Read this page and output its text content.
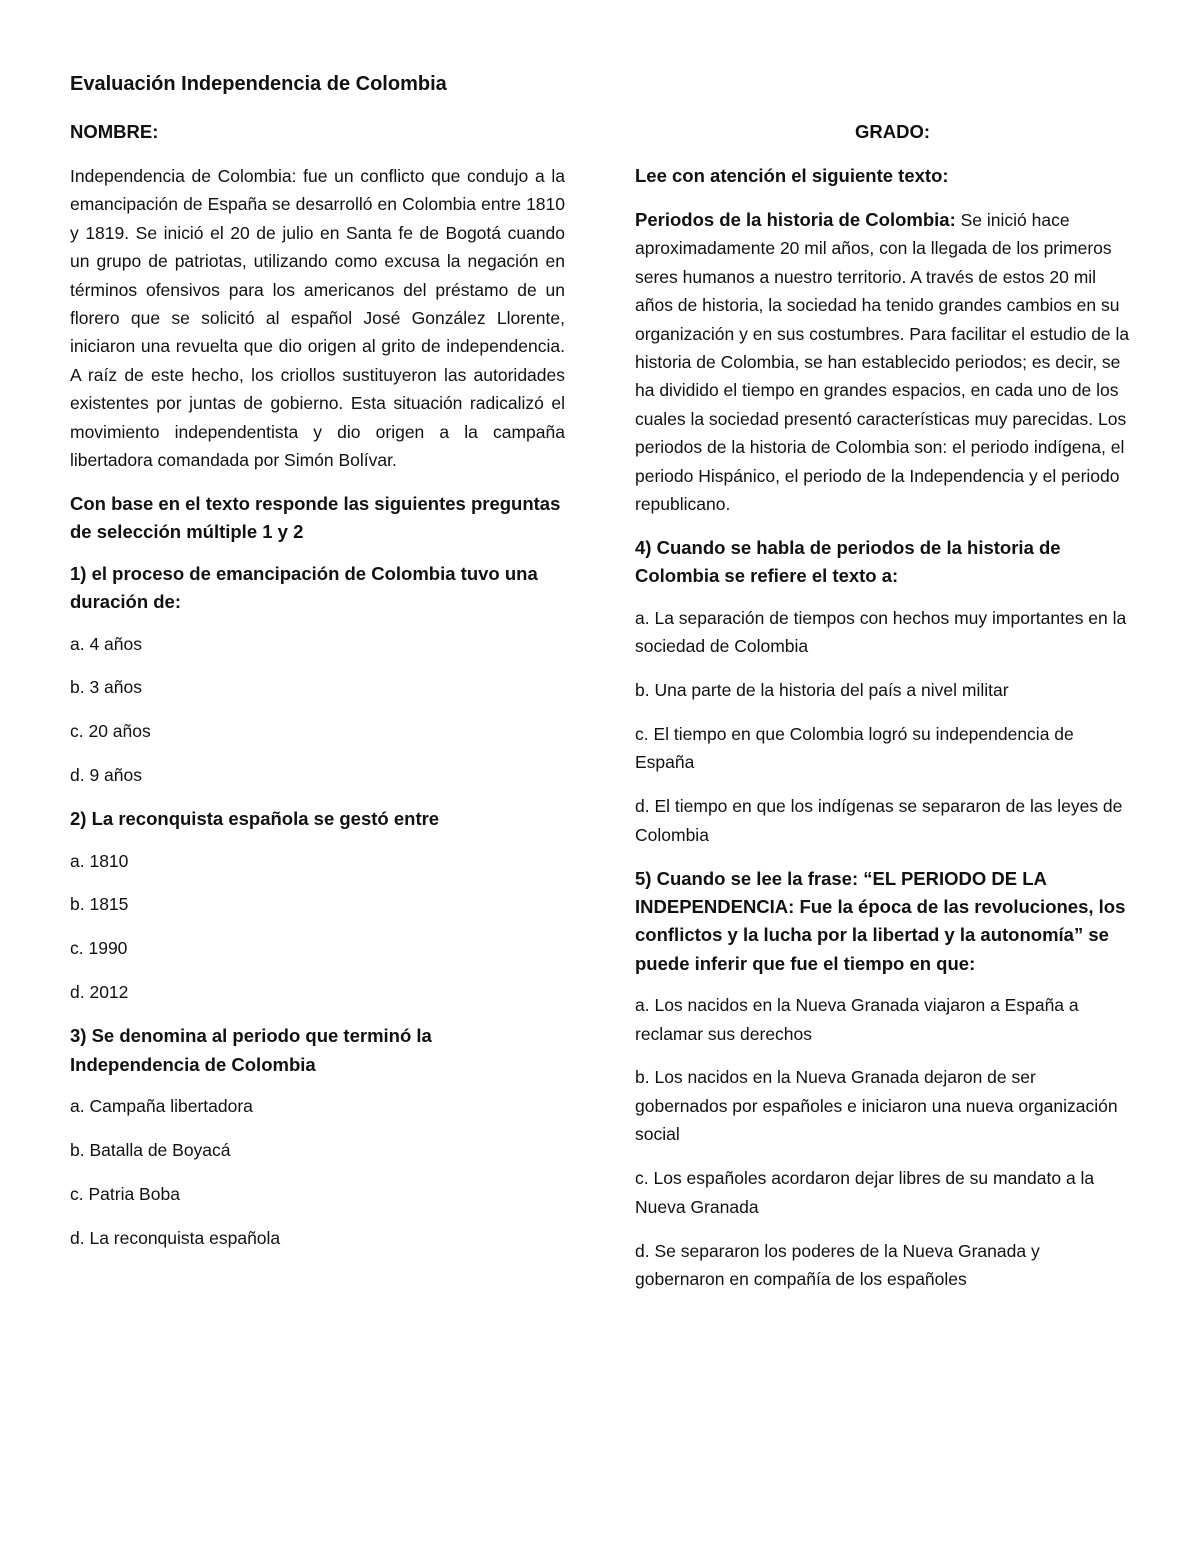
Evaluación Independencia de Colombia
GRADO:

NOMBRE:

Independencia de Colombia: fue un conflicto que condujo a la emancipación de España se desarrolló en Colombia entre 1810 y 1819. Se inició el 20 de julio en Santa fe de Bogotá cuando un grupo de patriotas, utilizando como excusa la negación en términos ofensivos para los americanos del préstamo de un florero que se solicitó al español José González Llorente, iniciaron una revuelta que dio origen al grito de independencia. A raíz de este hecho, los criollos sustituyeron las autoridades existentes por juntas de gobierno. Esta situación radicalizó el movimiento independentista y dio origen a la campaña libertadora comandada por Simón Bolívar.

Con base en el texto responde las siguientes preguntas de selección múltiple 1 y 2

1) el proceso de emancipación de Colombia tuvo una duración de:

a. 4 años

b. 3 años

c. 20 años

d. 9 años

2) La reconquista española se gestó entre

a. 1810

b. 1815

c. 1990

d. 2012

3) Se denomina al periodo que terminó la Independencia de Colombia

a. Campaña libertadora

b. Batalla de Boyacá

c. Patria Boba

d. La reconquista española

Lee con atención el siguiente texto:

Periodos de la historia de Colombia: Se inició hace aproximadamente 20 mil años, con la llegada de los primeros seres humanos a nuestro territorio. A través de estos 20 mil años de historia, la sociedad ha tenido grandes cambios en su organización y en sus costumbres. Para facilitar el estudio de la historia de Colombia, se han establecido periodos; es decir, se ha dividido el tiempo en grandes espacios, en cada uno de los cuales la sociedad presentó características muy parecidas. Los periodos de la historia de Colombia son: el periodo indígena, el periodo Hispánico, el periodo de la Independencia y el periodo republicano.

4) Cuando se habla de periodos de la historia de Colombia se refiere el texto a:

a. La separación de tiempos con hechos muy importantes en la sociedad de Colombia

b. Una parte de la historia del país a nivel militar

c. El tiempo en que Colombia logró su independencia de España

d. El tiempo en que los indígenas se separaron de las leyes de Colombia

5) Cuando se lee la frase: “EL PERIODO DE LA INDEPENDENCIA: Fue la época de las revoluciones, los conflictos y la lucha por la libertad y la autonomía” se puede inferir que fue el tiempo en que:

a. Los nacidos en la Nueva Granada viajaron a España a reclamar sus derechos

b. Los nacidos en la Nueva Granada dejaron de ser gobernados por españoles e iniciaron una nueva organización social

c. Los españoles acordaron dejar libres de su mandato a la Nueva Granada

d. Se separaron los poderes de la Nueva Granada y gobernaron en compañía de los españoles
